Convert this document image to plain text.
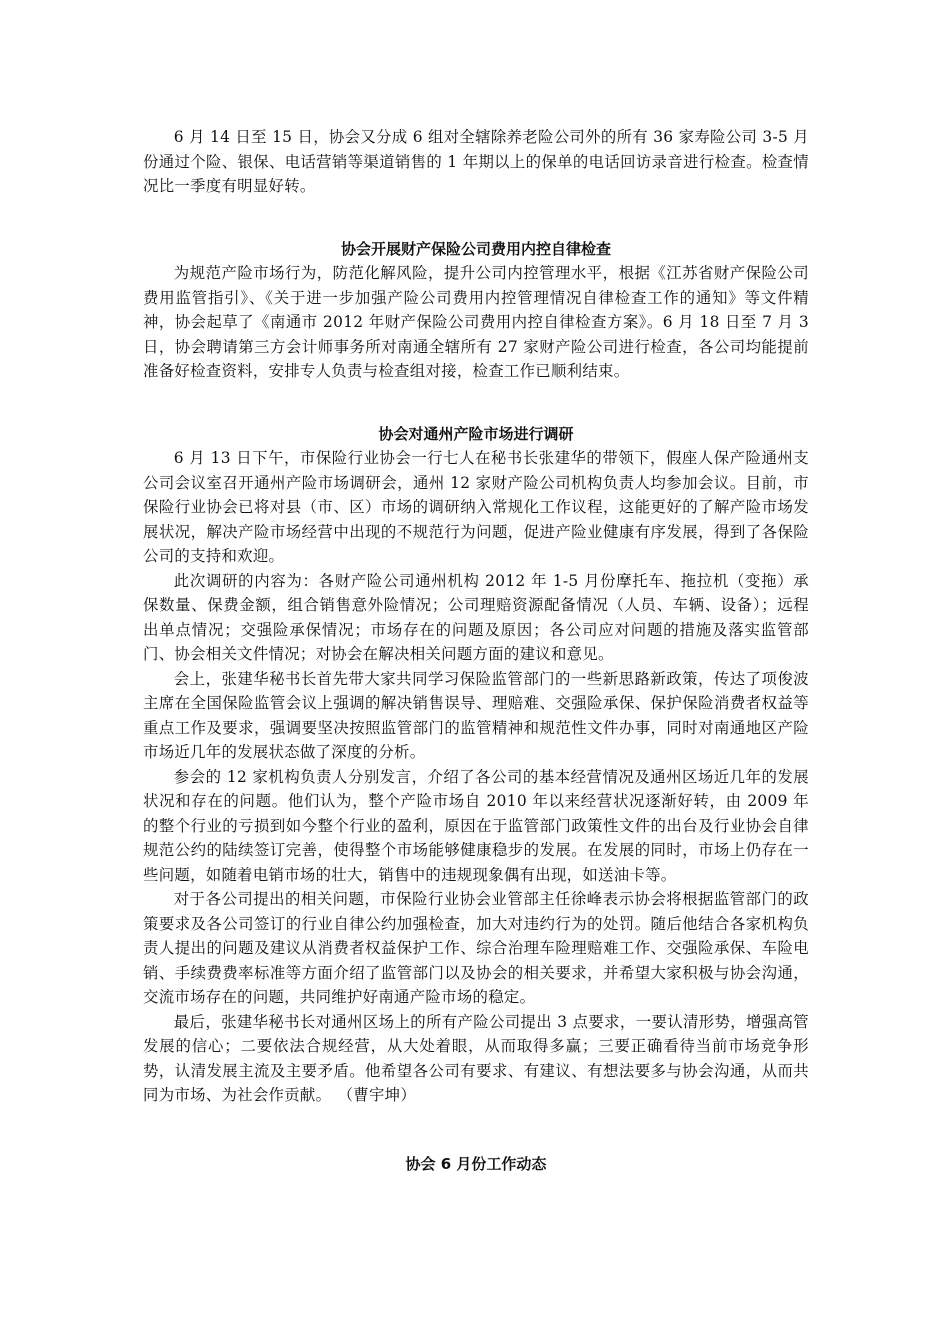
6 月 14 日至 15 日，协会又分成 6 组对全辖除养老险公司外的所有 36 家寿险公司 3-5 月份通过个险、银保、电话营销等渠道销售的 1 年期以上的保单的电话回访录音进行检查。检查情况比一季度有明显好转。

协会开展财产保险公司费用内控自律检查

为规范产险市场行为，防范化解风险，提升公司内控管理水平，根据《江苏省财产保险公司费用监管指引》、《关于进一步加强产险公司费用内控管理情况自律检查工作的通知》等文件精神，协会起草了《南通市 2012 年财产保险公司费用内控自律检查方案》。6 月 18 日至 7 月 3 日，协会聘请第三方会计师事务所对南通全辖所有 27 家财产险公司进行检查，各公司均能提前准备好检查资料，安排专人负责与检查组对接，检查工作已顺利结束。

协会对通州产险市场进行调研

6 月 13 日下午，市保险行业协会一行七人在秘书长张建华的带领下，假座人保产险通州支公司会议室召开通州产险市场调研会，通州 12 家财产险公司机构负责人均参加会议。目前，市保险行业协会已将对县（市、区）市场的调研纳入常规化工作议程，这能更好的了解产险市场发展状况，解决产险市场经营中出现的不规范行为问题，促进产险业健康有序发展，得到了各保险公司的支持和欢迎。

此次调研的内容为：各财产险公司通州机构 2012 年 1-5 月份摩托车、拖拉机（变拖）承保数量、保费金额，组合销售意外险情况；公司理赔资源配备情况（人员、车辆、设备）；远程出单点情况；交强险承保情况；市场存在的问题及原因；各公司应对问题的措施及落实监管部门、协会相关文件情况；对协会在解决相关问题方面的建议和意见。

会上，张建华秘书长首先带大家共同学习保险监管部门的一些新思路新政策，传达了项俊波主席在全国保险监管会议上强调的解决销售误导、理赔难、交强险承保、保护保险消费者权益等重点工作及要求，强调要坚决按照监管部门的监管精神和规范性文件办事，同时对南通地区产险市场近几年的发展状态做了深度的分析。

参会的 12 家机构负责人分别发言，介绍了各公司的基本经营情况及通州区场近几年的发展状况和存在的问题。他们认为，整个产险市场自 2010 年以来经营状况逐渐好转，由 2009 年的整个行业的亏损到如今整个行业的盈利，原因在于监管部门政策性文件的出台及行业协会自律规范公约的陆续签订完善，使得整个市场能够健康稳步的发展。在发展的同时，市场上仍存在一些问题，如随着电销市场的壮大，销售中的违规现象偶有出现，如送油卡等。

对于各公司提出的相关问题，市保险行业协会业管部主任徐峰表示协会将根据监管部门的政策要求及各公司签订的行业自律公约加强检查，加大对违约行为的处罚。随后他结合各家机构负责人提出的问题及建议从消费者权益保护工作、综合治理车险理赔难工作、交强险承保、车险电销、手续费费率标准等方面介绍了监管部门以及协会的相关要求，并希望大家积极与协会沟通，交流市场存在的问题，共同维护好南通产险市场的稳定。

最后，张建华秘书长对通州区场上的所有产险公司提出 3 点要求，一要认清形势，增强高管发展的信心；二要依法合规经营，从大处着眼，从而取得多赢；三要正确看待当前市场竞争形势，认清发展主流及主要矛盾。他希望各公司有要求、有建议、有想法要多与协会沟通，从而共同为市场、为社会作贡献。 （曹宇坤）

协会 6 月份工作动态
